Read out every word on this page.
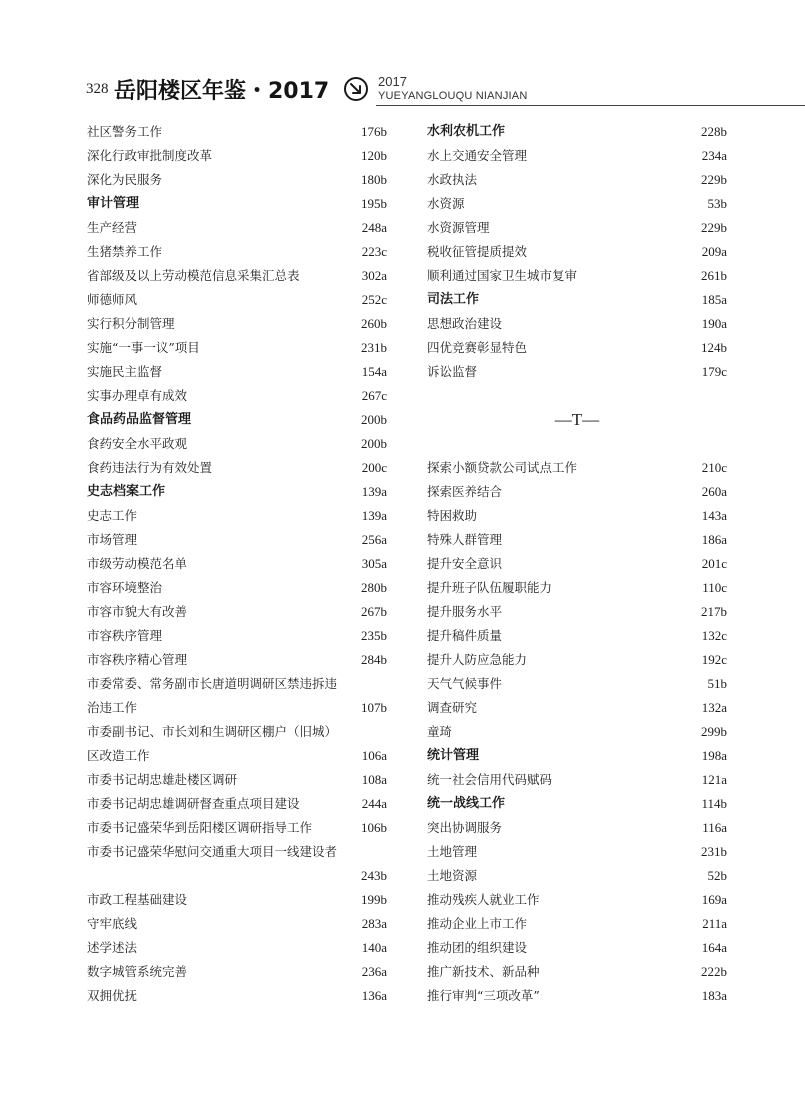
328 岳阳楼区年鉴・2017	2017
YUEYANGLOUQU NIANJIAN
社区警务工作	176b
深化行政审批制度改革	120b
深化为民服务	180b
审计管理	195b
生产经营	248a
生猪禁养工作	223c
省部级及以上劳动模范信息采集汇总表	302a
师德师风	252c
实行积分制管理	260b
实施“一事一议”项目	231b
实施民主监督	154a
实事办理卓有成效	267c
食品药品监督管理	200b
食药安全水平政观	200b
食药违法行为有效处置	200c
史志档案工作	139a
史志工作	139a
市场管理	256a
市级劳动模范名单	305a
市容环境整治	280b
市容市貌大有改善	267b
市容秩序管理	235b
市容秩序精心管理	284b
市委常委、常务副市长唐道明调研区禁违拆违
治违工作	107b
市委副书记、市长刘和生调研区棚户（旧城）
区改造工作	106a
市委书记胡忠雄赴楼区调研	108a
市委书记胡忠雄调研督查重点项目建设	244a
市委书记盛荣华到岳阳楼区调研指导工作	106b
市委书记盛荣华慰问交通重大项目一线建设者
243b
市政工程基础建设	199b
守牢底线	283a
述学述法	140a
数字城管系统完善	236a
双拥优抚	136a
水利农机工作	228b
水上交通安全管理	234a
水政执法	229b
水资源	53b
水资源管理	229b
税收征管提质提效	209a
顺利通过国家卫生城市复审	261b
司法工作	185a
思想政治建设	190a
四优竞赛彰显特色	124b
诉讼监督	179c
—T—
探索小额贷款公司试点工作	210c
探索医养结合	260a
特困救助	143a
特殊人群管理	186a
提升安全意识	201c
提升班子队伍履职能力	110c
提升服务水平	217b
提升稿件质量	132c
提升人防应急能力	192c
天气气候事件	51b
调查研究	132a
童琦	299b
统计管理	198a
统一社会信用代码赋码	121a
统一战线工作	114b
突出协调服务	116a
土地管理	231b
土地资源	52b
推动残疾人就业工作	169a
推动企业上市工作	211a
推动团的组织建设	164a
推广新技术、新品种	222b
推行审判“三项改革”	183a
